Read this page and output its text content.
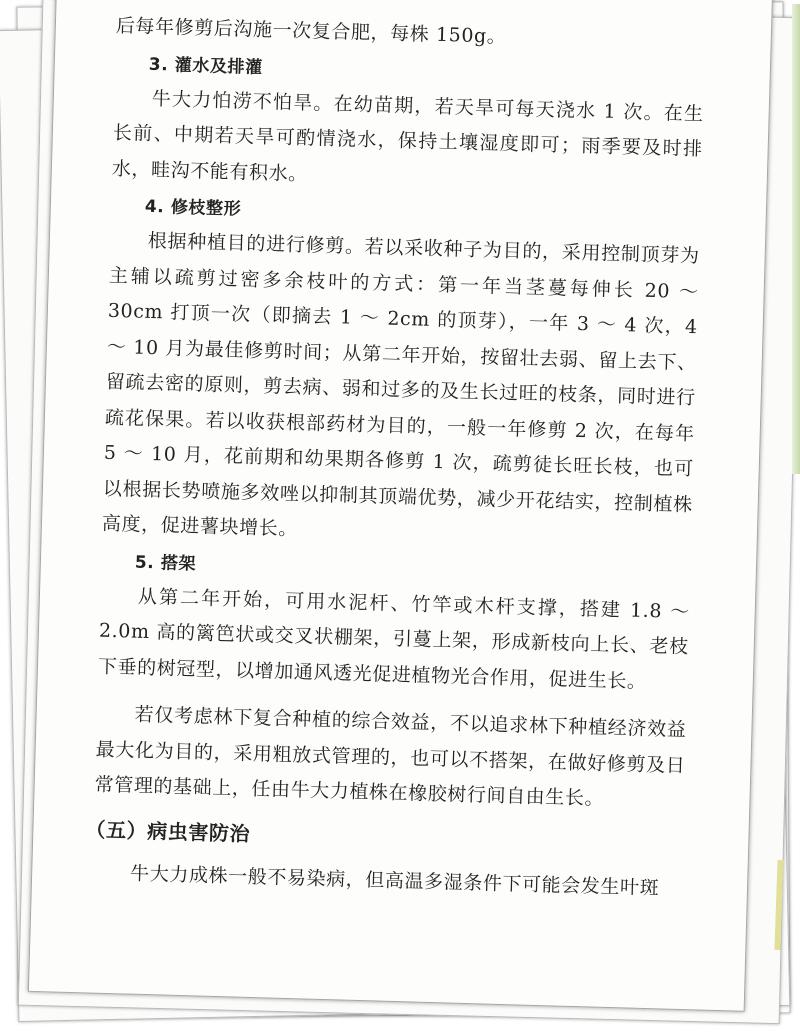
后每年修剪后沟施一次复合肥，每株 150g。

3. 灌水及排灌

牛大力怕涝不怕旱。在幼苗期，若天旱可每天浇水 1 次。在生长前、中期若天旱可酌情浇水，保持土壤湿度即可；雨季要及时排水，畦沟不能有积水。

4. 修枝整形

根据种植目的进行修剪。若以采收种子为目的，采用控制顶芽为主辅以疏剪过密多余枝叶的方式：第一年当茎蔓每伸长 20 ～ 30cm 打顶一次（即摘去 1 ～ 2cm 的顶芽），一年 3 ～ 4 次，4 ～ 10 月为最佳修剪时间；从第二年开始，按留壮去弱、留上去下、留疏去密的原则，剪去病、弱和过多的及生长过旺的枝条，同时进行疏花保果。若以收获根部药材为目的，一般一年修剪 2 次，在每年 5 ～ 10 月，花前期和幼果期各修剪 1 次，疏剪徒长旺长枝，也可以根据长势喷施多效唑以抑制其顶端优势，减少开花结实，控制植株高度，促进薯块增长。

5. 搭架

从第二年开始，可用水泥杆、竹竿或木杆支撑，搭建 1.8 ～ 2.0m 高的篱笆状或交叉状棚架，引蔓上架，形成新枝向上长、老枝下垂的树冠型，以增加通风透光促进植物光合作用，促进生长。

若仅考虑林下复合种植的综合效益，不以追求林下种植经济效益最大化为目的，采用粗放式管理的，也可以不搭架，在做好修剪及日常管理的基础上，任由牛大力植株在橡胶树行间自由生长。

（五）病虫害防治

牛大力成株一般不易染病，但高温多湿条件下可能会发生叶斑
